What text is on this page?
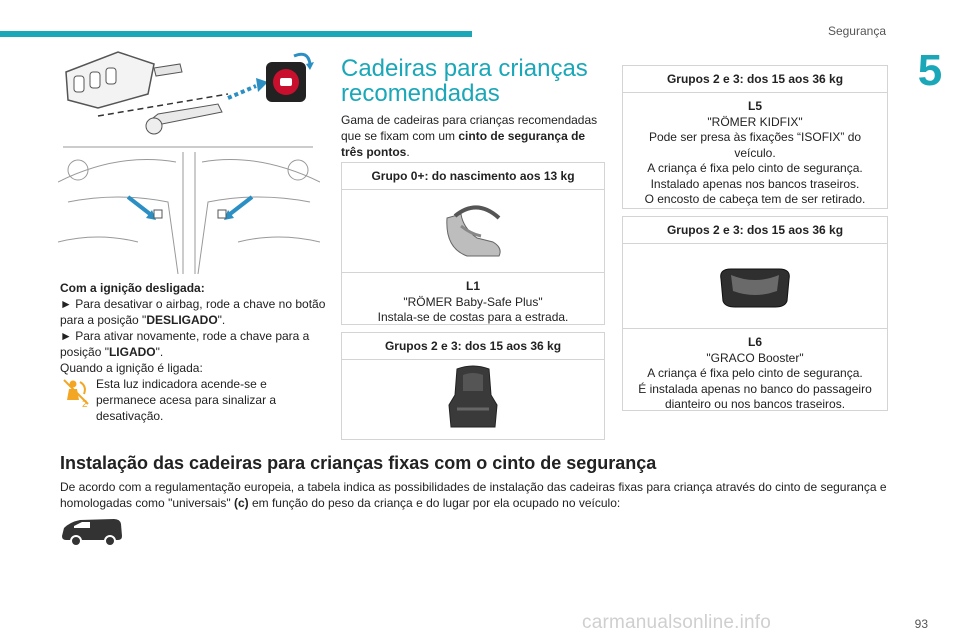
Segurança
5

Com a ignição desligada:

► Para desativar o airbag, rode a chave no botão para a posição "DESLIGADO".

► Para ativar novamente, rode a chave para a posição "LIGADO".

Quando a ignição é ligada:

2

Esta luz indicadora acende-se e permanece acesa para sinalizar a desativação.

Cadeiras para crianças recomendadas
Gama de cadeiras para crianças recomendadas que se fixam com um cinto de segurança de três pontos.
Grupo 0+: do nascimento aos 13 kg
L1
"RÖMER Baby-Safe Plus"
Instala-se de costas para a estrada.
Grupos 2 e 3: dos 15 aos 36 kg
Grupos 2 e 3: dos 15 aos 36 kg
L5
"RÖMER KIDFIX"
Pode ser presa às fixações “ISOFIX” do veículo.
A criança é fixa pelo cinto de segurança.
Instalado apenas nos bancos traseiros.
O encosto de cabeça tem de ser retirado.
Grupos 2 e 3: dos 15 aos 36 kg
L6
"GRACO Booster"
A criança é fixa pelo cinto de segurança.
É instalada apenas no banco do passageiro dianteiro ou nos bancos traseiros.
Instalação das cadeiras para crianças fixas com o cinto de segurança
De acordo com a regulamentação europeia, a tabela indica as possibilidades de instalação das cadeiras fixas para criança através do cinto de segurança e homologadas como "universais" (c) em função do peso da criança e do lugar por ela ocupado no veículo:
carmanualsonline.info	93
